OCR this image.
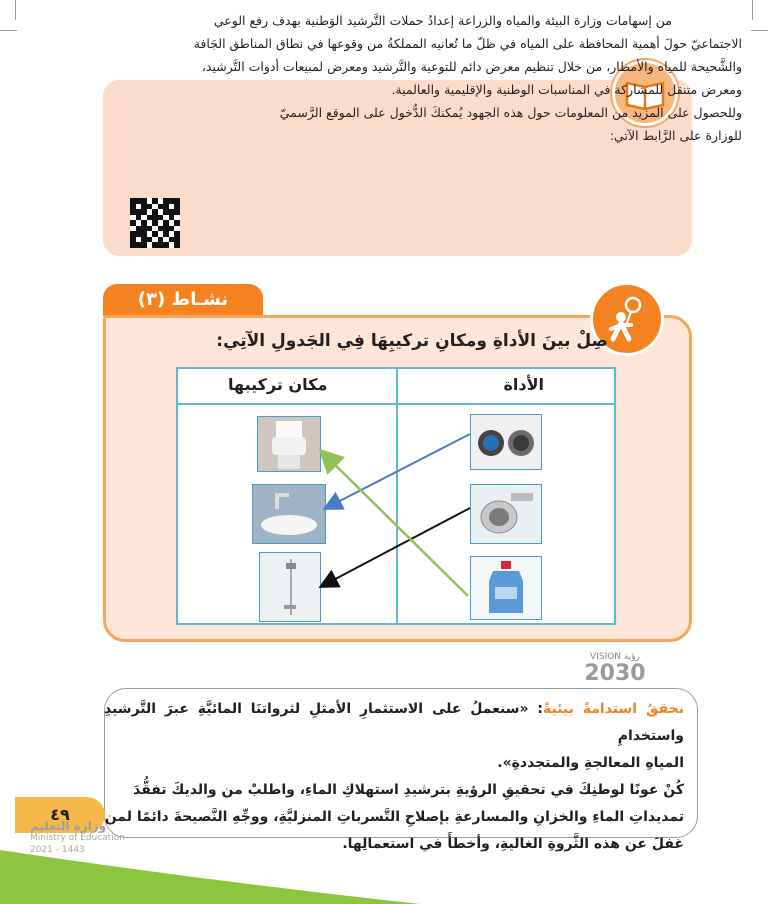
من إسهامات وزارة البيئة والمياه والزراعة إعدادُ حملات التَّرشيد الوَطنية بهدف رفع الوعي
الاجتماعيّ حولَ أهمية المحافظة على المياه في ظلّ ما تُعانيه المملكةُ من وقوعها في نطاق المناطق الجَافة
والشَّحيحة للمياه والأمطار، من خلال تنظيم معرض دائم للتوعية والتَّرشيد ومعرض لمبيعات أدوات التَّرشيد،
ومعرض متنقل للمشاركة في المناسبات الوطنية والإقليمية والعالمية.
وللحصول على المزيد من المعلومات حول هذه الجهود يُمكنكَ الدُّخول على الموقع الرَّسميّ
للوزارة على الرَّابط الآتي:
نشـاط (٣)
صِلْ بينَ الأداةِ ومكانِ تركيبِهَا فِي الجَدولِ الآتِي:
الأداة
مكان تركيبها
VISION رؤية
2030
نحققُ استدامةً بيئيةً: «سنعملُ على الاستثمارِ الأمثلِ لثرواتنَا المائيَّةِ عبرَ التَّرشيدِ واستخدامِ
المياهِ المعالجةِ والمتجددةِ».
كُنْ عونًا لوطنِكَ في تحقيقِ الرؤيةِ بترشيدِ استهلاكِ الماءِ، واطلبْ من والديكَ تفقُّدَ
تمديداتِ الماءِ والخزانِ والمسارعةِ بإصلاحِ التَّسرباتِ المنزليَّةِ، ووجِّهِ النَّصيحةَ دائمًا لمن
غفلَ عن هذه الثَّروةِ الغاليةِ، وأخطأَ في استعمالِها.
٤٩
وزارة التعليم
Ministry of Education
2021 - 1443
